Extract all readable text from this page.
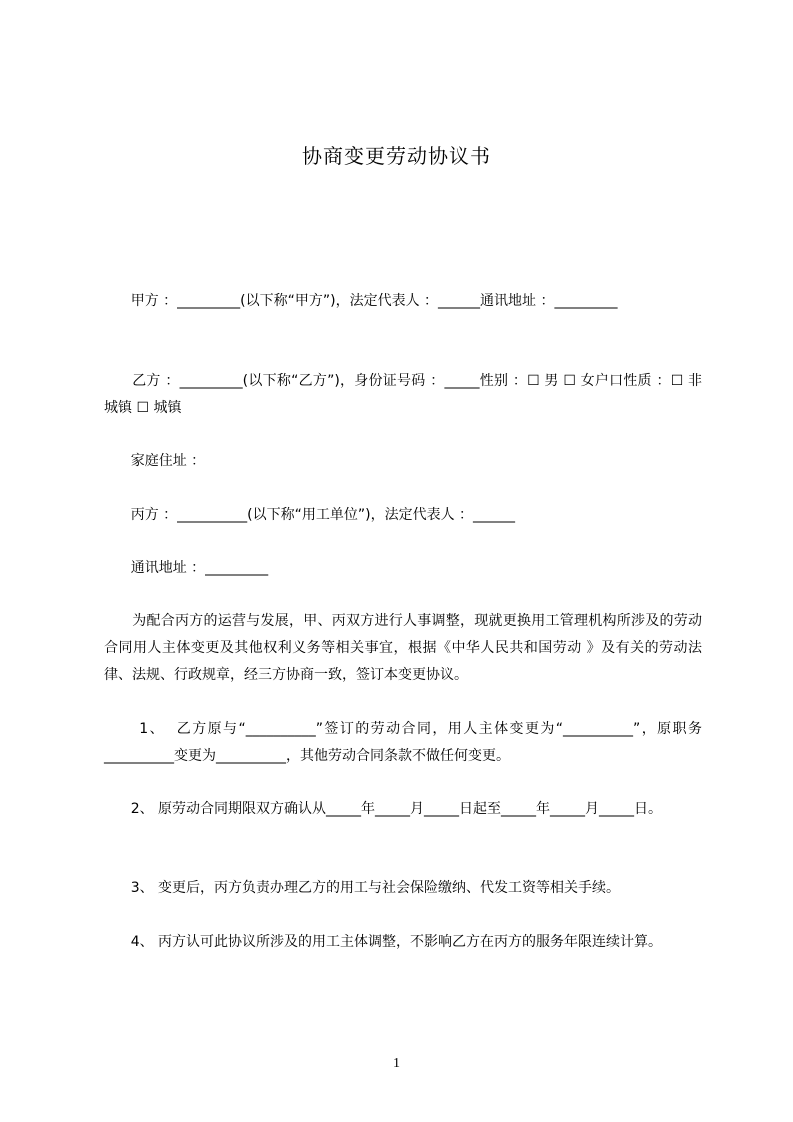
协商变更劳动协议书
甲方 ：_________(以下称“甲方”)，法定代表人 ：______通讯地址 ：_________
乙方 ：_________(以下称“乙方”)，身份证号码 ：_____性别 ：☐ 男 ☐ 女户口性质 ：☐ 非城镇 ☐ 城镇
家庭住址 ：
丙方 ：__________(以下称“用工单位”)，法定代表人 ：______
通讯地址 ：_________
为配合丙方的运营与发展，甲、丙双方进行人事调整，现就更换用工管理机构所涉及的劳动合同用人主体变更及其他权利义务等相关事宜，根据《中华人民共和国劳动 》及有关的劳动法律、法规、行政规章，经三方协商一致，签订本变更协议。
1、  乙方原与“__________”签订的劳动合同，用人主体变更为“__________”，原职务__________变更为__________，其他劳动合同条款不做任何变更。
2、 原劳动合同期限双方确认从_____年_____月_____日起至_____年_____月_____日。
3、 变更后，丙方负责办理乙方的用工与社会保险缴纳、代发工资等相关手续。
4、 丙方认可此协议所涉及的用工主体调整，不影响乙方在丙方的服务年限连续计算。
1
